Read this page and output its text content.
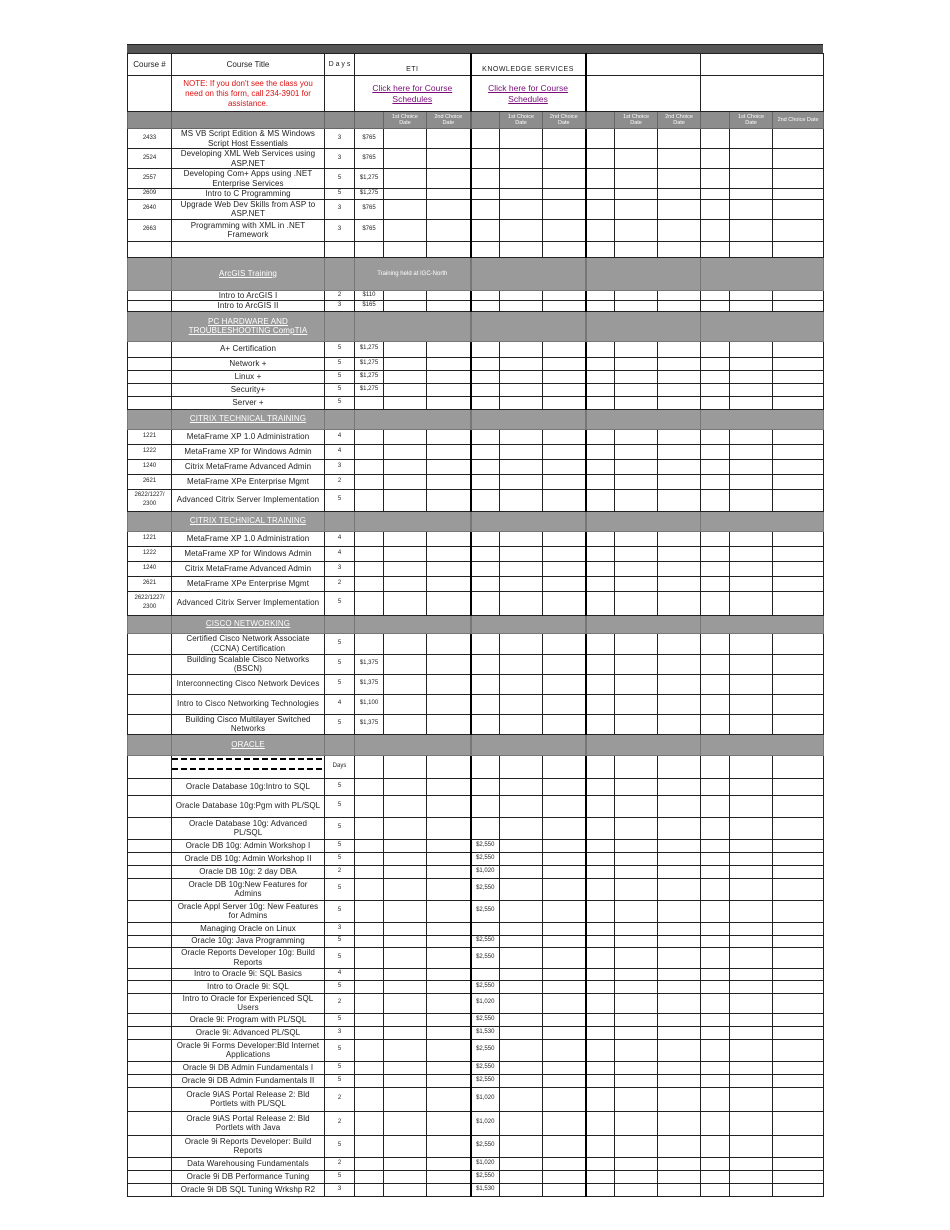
Course #	Course Title	D a y s	ETI			KNOWLEDGE SERVICES								
	NOTE: If you don't see the class you need on this form, call 234-3901 for assistance.		Click here for Course Schedules			Click here for Course Schedules								
				1st Choice Date	2nd Choice Date		1st Choice Date	2nd Choice Date		1st Choice Date	2nd Choice Date		1st Choice Date	2nd Choice Date
2433	MS VB Script Edition & MS Windows Script Host Essentials	3	$765											
2524	Developing XML Web Services using ASP.NET	3	$765											
2557	Developing Com+ Apps using .NET Enterprise Services	5	$1,275											
2609	Intro to C Programming	5	$1,275											
2640	Upgrade Web Dev Skills from ASP to ASP.NET	3	$765											
2663	Programming with XML in .NET Framework	3	$765											

	ArcGIS Training		Training held at IGC-North											
	Intro to ArcGIS I	2	$110											
	Intro to ArcGIS II	3	$165											
	PC HARDWARE AND TROUBLESHOOTING CompTIA													
	A+ Certification	5	$1,275											
	Network +	5	$1,275											
	Linux +	5	$1,275											
	Security+	5	$1,275											
	Server +	5												
	CITRIX TECHNICAL TRAINING													
1221	MetaFrame XP 1.0 Administration	4												
1222	MetaFrame XP for Windows Admin	4												
1240	Citrix MetaFrame Advanced Admin	3												
2621	MetaFrame XPe Enterprise Mgmt	2												
2622/1227/ 2300	Advanced Citrix Server Implementation	5												
	CITRIX TECHNICAL TRAINING													
1221	MetaFrame XP 1.0 Administration	4												
1222	MetaFrame XP for Windows Admin	4												
1240	Citrix MetaFrame Advanced Admin	3												
2621	MetaFrame XPe Enterprise Mgmt	2												
2622/1227/ 2300	Advanced Citrix Server Implementation	5												
	CISCO NETWORKING													
	Certified Cisco Network Associate (CCNA) Certification	5												
	Building Scalable Cisco Networks (BSCN)	5	$1,375											
	Interconnecting Cisco Network Devices	5	$1,375											
	Intro to Cisco Networking Technologies	4	$1,100											
	Building Cisco Multilayer Switched Networks	5	$1,375											
	ORACLE													
		Days												
	Oracle Database 10g:Intro to SQL	5												
	Oracle Database 10g:Pgm with PL/SQL	5												
	Oracle Database 10g: Advanced PL/SQL	5												
	Oracle DB 10g: Admin Workshop I	5				$2,550								
	Oracle DB 10g: Admin Workshop II	5				$2,550								
	Oracle DB 10g: 2 day DBA	2				$1,020								
	Oracle DB 10g:New Features for Admins	5				$2,550								
	Oracle Appl Server 10g: New Features for Admins	5				$2,550								
	Managing Oracle on Linux	3												
	Oracle 10g: Java Programming	5				$2,550								
	Oracle Reports Developer 10g: Build Reports	5				$2,550								
	Intro to Oracle 9i: SQL Basics	4												
	Intro to Oracle 9i: SQL	5				$2,550								
	Intro to Oracle for Experienced SQL Users	2				$1,020								
	Oracle 9i: Program with PL/SQL	5				$2,550								
	Oracle 9i: Advanced PL/SQL	3				$1,530								
	Oracle 9i Forms Developer:Bld Internet Applications	5				$2,550								
	Oracle 9i DB Admin Fundamentals I	5				$2,550								
	Oracle 9i DB Admin Fundamentals II	5				$2,550								
	Oracle 9iAS Portal Release 2: Bld Portlets with PL/SQL	2				$1,020								
	Oracle 9iAS Portal Release 2: Bld Portlets with Java	2				$1,020								
	Oracle 9i Reports Developer: Build Reports	5				$2,550								
	Data Warehousing Fundamentals	2				$1,020								
	Oracle 9i DB Performance Tuning	5				$2,550								
	Oracle 9i DB SQL Tuning Wrkshp R2	3				$1,530								
